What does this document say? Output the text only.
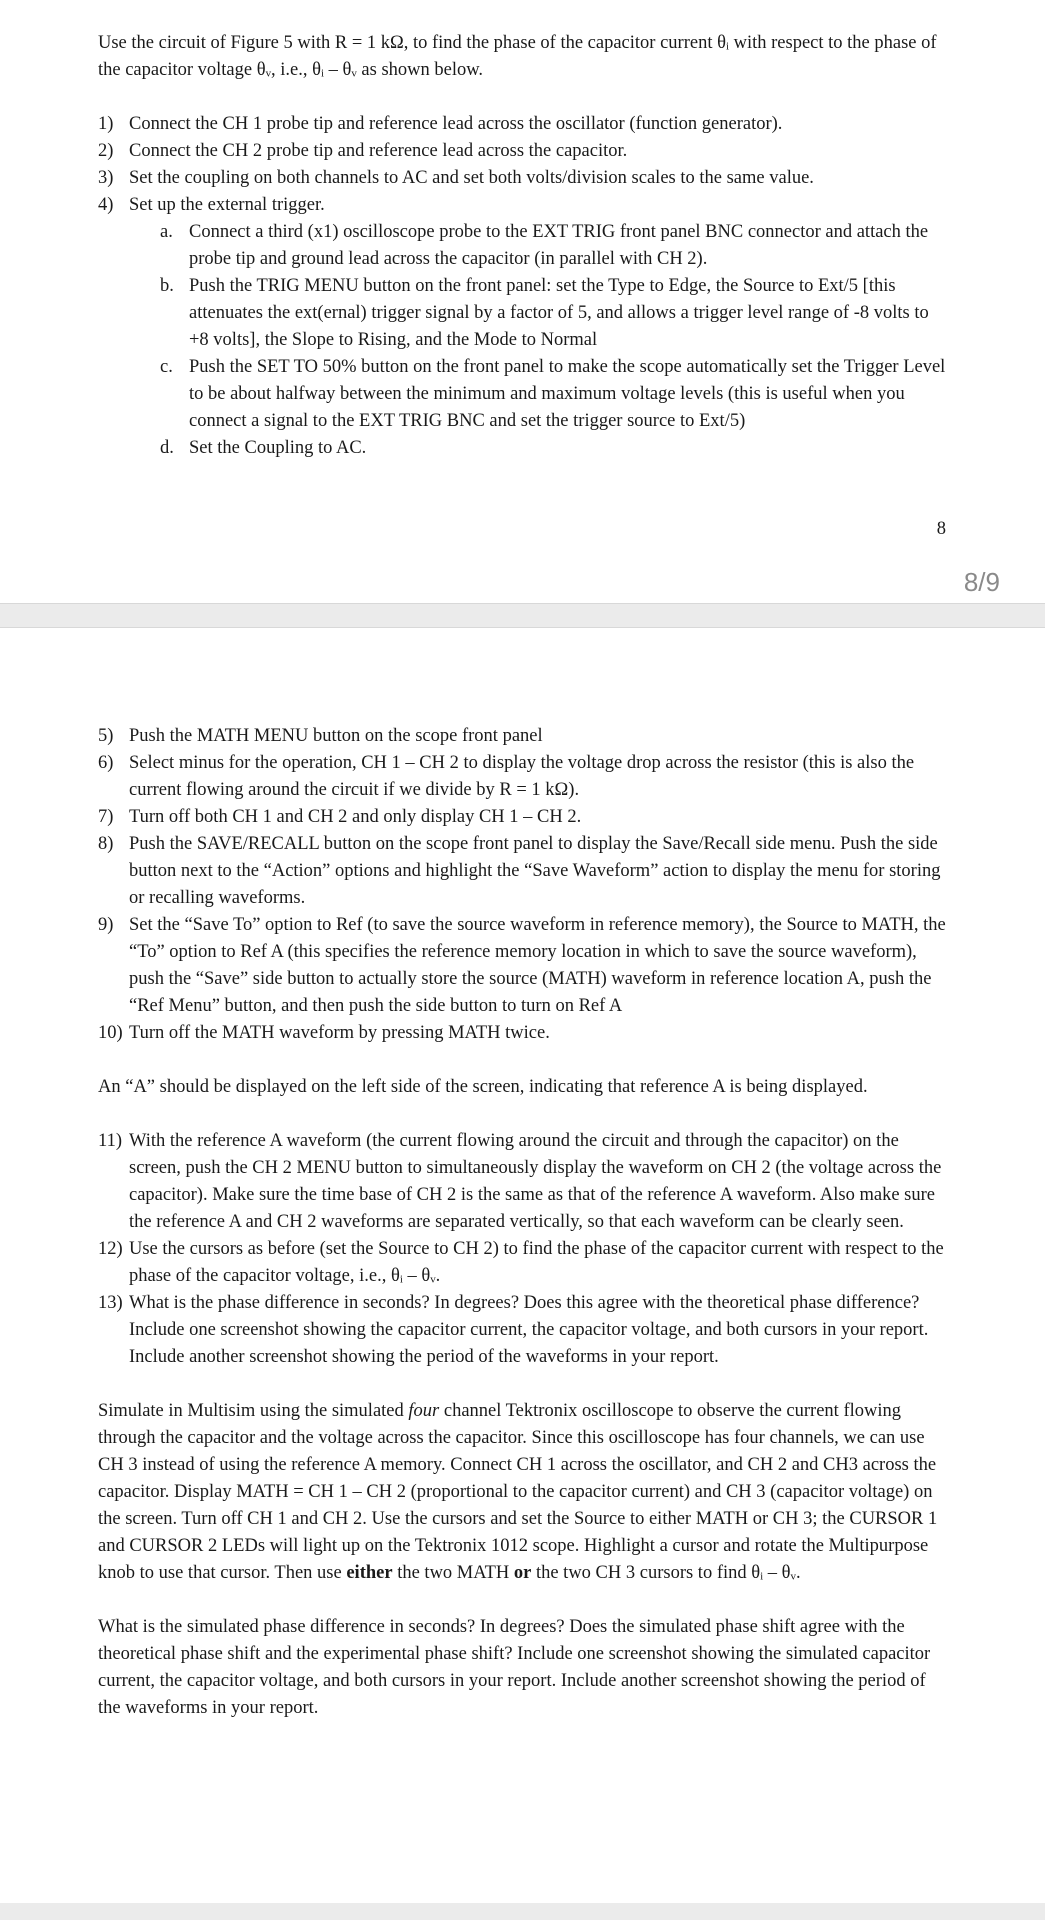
Use the circuit of Figure 5 with R = 1 kΩ, to find the phase of the capacitor current θᵢ with respect to the phase of the capacitor voltage θᵥ, i.e., θᵢ – θᵥ as shown below.

1) Connect the CH 1 probe tip and reference lead across the oscillator (function generator).
2) Connect the CH 2 probe tip and reference lead across the capacitor.
3) Set the coupling on both channels to AC and set both volts/division scales to the same value.
4) Set up the external trigger.
a. Connect a third (x1) oscilloscope probe to the EXT TRIG front panel BNC connector and attach the probe tip and ground lead across the capacitor (in parallel with CH 2).
b. Push the TRIG MENU button on the front panel: set the Type to Edge, the Source to Ext/5 [this attenuates the ext(ernal) trigger signal by a factor of 5, and allows a trigger level range of -8 volts to +8 volts], the Slope to Rising, and the Mode to Normal
c. Push the SET TO 50% button on the front panel to make the scope automatically set the Trigger Level to be about halfway between the minimum and maximum voltage levels (this is useful when you connect a signal to the EXT TRIG BNC and set the trigger source to Ext/5)
d. Set the Coupling to AC.
8
8/9
5) Push the MATH MENU button on the scope front panel
6) Select minus for the operation, CH 1 – CH 2 to display the voltage drop across the resistor (this is also the current flowing around the circuit if we divide by R = 1 kΩ).
7) Turn off both CH 1 and CH 2 and only display CH 1 – CH 2.
8) Push the SAVE/RECALL button on the scope front panel to display the Save/Recall side menu. Push the side button next to the “Action” options and highlight the “Save Waveform” action to display the menu for storing or recalling waveforms.
9) Set the “Save To” option to Ref (to save the source waveform in reference memory), the Source to MATH, the “To” option to Ref A (this specifies the reference memory location in which to save the source waveform), push the “Save” side button to actually store the source (MATH) waveform in reference location A, push the “Ref Menu” button, and then push the side button to turn on Ref A
10) Turn off the MATH waveform by pressing MATH twice.

An “A” should be displayed on the left side of the screen, indicating that reference A is being displayed.

11) With the reference A waveform (the current flowing around the circuit and through the capacitor) on the screen, push the CH 2 MENU button to simultaneously display the waveform on CH 2 (the voltage across the capacitor). Make sure the time base of CH 2 is the same as that of the reference A waveform. Also make sure the reference A and CH 2 waveforms are separated vertically, so that each waveform can be clearly seen.
12) Use the cursors as before (set the Source to CH 2) to find the phase of the capacitor current with respect to the phase of the capacitor voltage, i.e., θᵢ – θᵥ.
13) What is the phase difference in seconds? In degrees? Does this agree with the theoretical phase difference? Include one screenshot showing the capacitor current, the capacitor voltage, and both cursors in your report. Include another screenshot showing the period of the waveforms in your report.

Simulate in Multisim using the simulated four channel Tektronix oscilloscope to observe the current flowing through the capacitor and the voltage across the capacitor. Since this oscilloscope has four channels, we can use CH 3 instead of using the reference A memory. Connect CH 1 across the oscillator, and CH 2 and CH3 across the capacitor. Display MATH = CH 1 – CH 2 (proportional to the capacitor current) and CH 3 (capacitor voltage) on the screen. Turn off CH 1 and CH 2. Use the cursors and set the Source to either MATH or CH 3; the CURSOR 1 and CURSOR 2 LEDs will light up on the Tektronix 1012 scope. Highlight a cursor and rotate the Multipurpose knob to use that cursor. Then use either the two MATH or the two CH 3 cursors to find θᵢ – θᵥ.

What is the simulated phase difference in seconds? In degrees? Does the simulated phase shift agree with the theoretical phase shift and the experimental phase shift? Include one screenshot showing the simulated capacitor current, the capacitor voltage, and both cursors in your report. Include another screenshot showing the period of the waveforms in your report.
